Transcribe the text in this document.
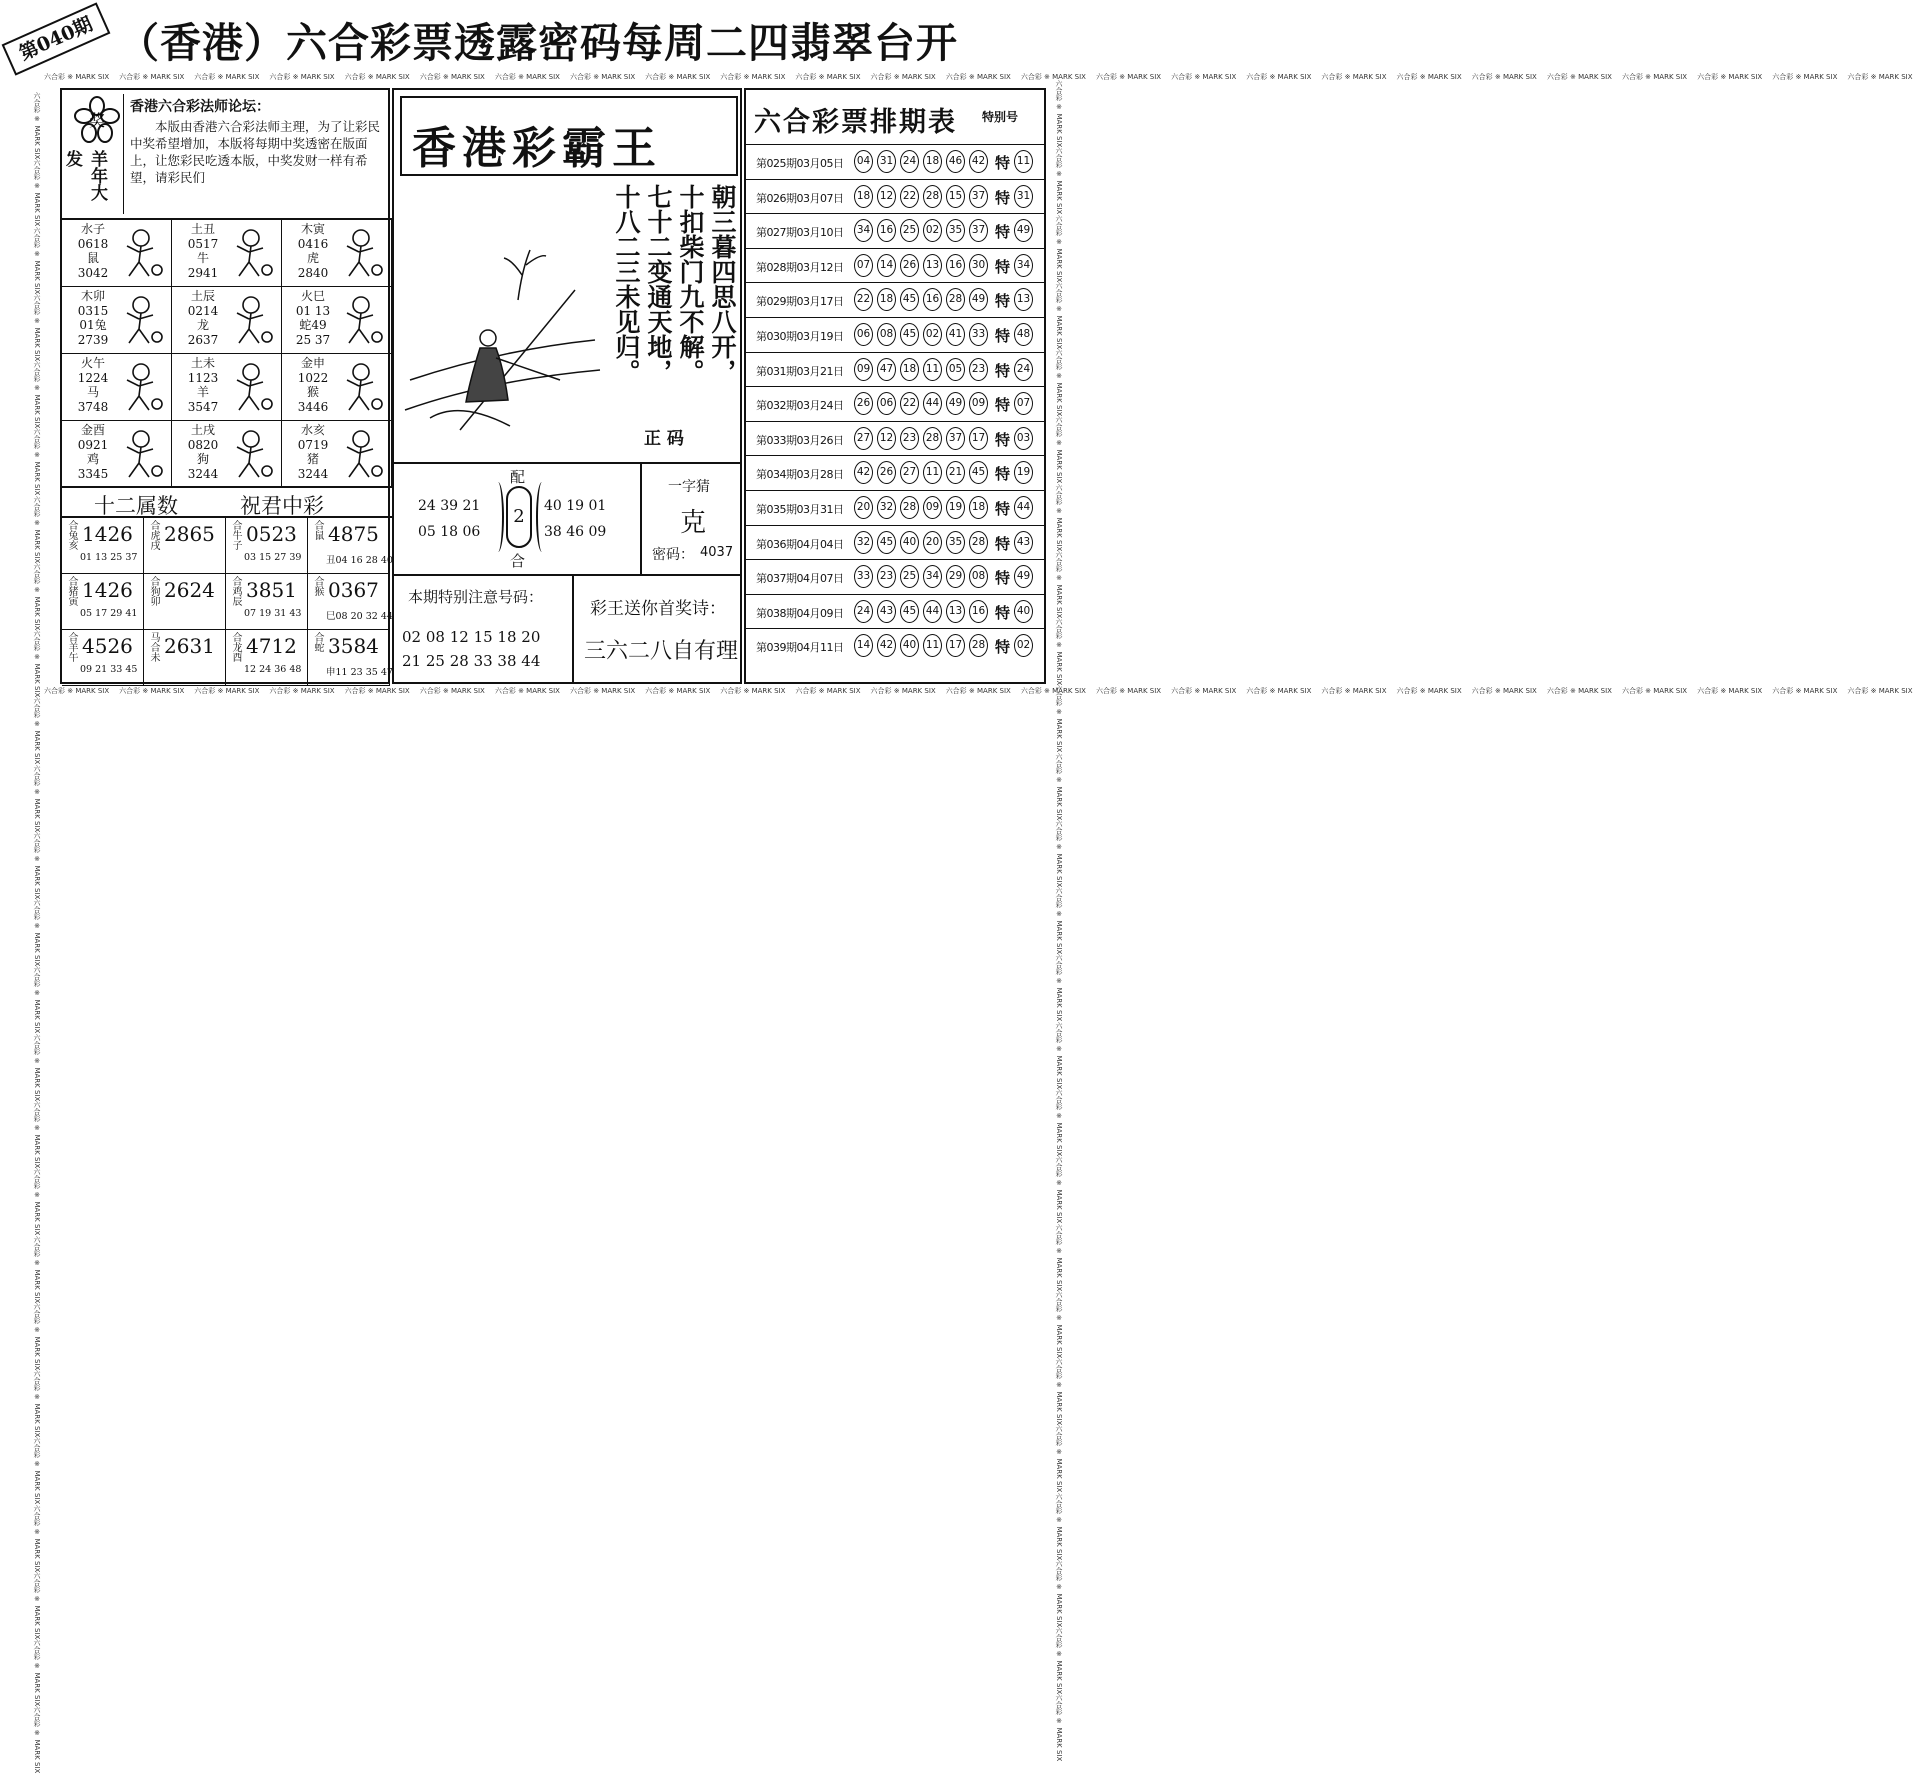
第040期 （香港）六合彩票透露密码每周二四翡翠台开
六合彩 ※ MARK SIX 六合彩 ※ MARK SIX 六合彩 ※ MARK SIX 六合彩 ※ MARK SIX 六合彩 ※ MARK SIX 六合彩 ※ MARK SIX 六合彩 ※ MARK SIX 六合彩 ※ MARK SIX 六合彩 ※ MARK SIX 六合彩 ※ MARK SIX 六合彩 ※ MARK SIX 六合彩 ※ MARK SIX 六合彩 ※ MARK SIX 六合彩 ※ MARK SIX 六合彩 ※ MARK SIX 六合彩 ※ MARK SIX 六合彩 ※ MARK SIX 六合彩 ※ MARK SIX 六合彩 ※ MARK SIX 六合彩 ※ MARK SIX 六合彩 ※ MARK SIX 六合彩 ※ MARK SIX 六合彩 ※ MARK SIX 六合彩 ※ MARK SIX 六合彩 ※ MARK SIX
六合彩 ※ MARK SIX 六合彩 ※ MARK SIX 六合彩 ※ MARK SIX 六合彩 ※ MARK SIX 六合彩 ※ MARK SIX 六合彩 ※ MARK SIX 六合彩 ※ MARK SIX 六合彩 ※ MARK SIX 六合彩 ※ MARK SIX 六合彩 ※ MARK SIX 六合彩 ※ MARK SIX 六合彩 ※ MARK SIX 六合彩 ※ MARK SIX 六合彩 ※ MARK SIX 六合彩 ※ MARK SIX 六合彩 ※ MARK SIX 六合彩 ※ MARK SIX 六合彩 ※ MARK SIX 六合彩 ※ MARK SIX 六合彩 ※ MARK SIX 六合彩 ※ MARK SIX 六合彩 ※ MARK SIX 六合彩 ※ MARK SIX 六合彩 ※ MARK SIX 六合彩 ※ MARK SIX
六合彩 ※ MARK SIX六合彩 ※ MARK SIX六合彩 ※ MARK SIX六合彩 ※ MARK SIX六合彩 ※ MARK SIX六合彩 ※ MARK SIX六合彩 ※ MARK SIX六合彩 ※ MARK SIX六合彩 ※ MARK SIX六合彩 ※ MARK SIX六合彩 ※ MARK SIX六合彩 ※ MARK SIX六合彩 ※ MARK SIX六合彩 ※ MARK SIX六合彩 ※ MARK SIX六合彩 ※ MARK SIX六合彩 ※ MARK SIX六合彩 ※ MARK SIX六合彩 ※ MARK SIX六合彩 ※ MARK SIX六合彩 ※ MARK SIX六合彩 ※ MARK SIX六合彩 ※ MARK SIX六合彩 ※ MARK SIX六合彩 ※ MARK SIX
六合彩 ※ MARK SIX六合彩 ※ MARK SIX六合彩 ※ MARK SIX六合彩 ※ MARK SIX六合彩 ※ MARK SIX六合彩 ※ MARK SIX六合彩 ※ MARK SIX六合彩 ※ MARK SIX六合彩 ※ MARK SIX六合彩 ※ MARK SIX六合彩 ※ MARK SIX六合彩 ※ MARK SIX六合彩 ※ MARK SIX六合彩 ※ MARK SIX六合彩 ※ MARK SIX六合彩 ※ MARK SIX六合彩 ※ MARK SIX六合彩 ※ MARK SIX六合彩 ※ MARK SIX六合彩 ※ MARK SIX六合彩 ※ MARK SIX六合彩 ※ MARK SIX六合彩 ※ MARK SIX六合彩 ※ MARK SIX六合彩 ※ MARK SIX
奖
羊年大发
香港六合彩法师论坛：
本版由香港六合彩法师主理，为了让彩民中奖希望增加，本版将每期中奖透密在版面上，让您彩民吃透本版，中奖发财一样有希望，请彩民们
水子
0618
鼠
3042
土丑
0517
牛
2941
木寅
0416
虎
2840
木卯
0315
01兔
2739
土辰
0214
龙
2637
火巳
01 13
蛇49
25 37
火午
1224
马
3748
土未
1123
羊
3547
金申
1022
猴
3446
金酉
0921
鸡
3345
土戌
0820
狗
3244
水亥
0719
猪
3244
十二属数	祝君中彩
合兔亥 1426
01 13 25 37
合虎戌 2865 合牛子 0523
03 15 27 39
合鼠 4875
丑04 16 28 40
合猪寅 1426
05 17 29 41
合狗卯 2624 合鸡辰 3851
07 19 31 43
合猴 0367
巳08 20 32 44
合羊午 4526
09 21 33 45
马合未 2631 合龙酉 4712
12 24 36 48
合蛇 3584
申11 23 35 47
香港彩霸王
朝三暮四思八开，
十扣柴门九不解。
七十二变通天地，
十八二三未见归。
正 码
配
2
合
24 39 21
05 18 06
40 19 01
38 46 09
一字猜
克
密码： 4037
本期特别注意号码：
02 08 12 15 18 20
21 25 28 33 38 44
彩王送你首奖诗：
三六二八自有理
六合彩票排期表 特别号
第025期03月05日 04 31 24 18 46 42 特 11
第026期03月07日 18 12 22 28 15 37 特 31
第027期03月10日 34 16 25 02 35 37 特 49
第028期03月12日 07 14 26 13 16 30 特 34
第029期03月17日 22 18 45 16 28 49 特 13
第030期03月19日 06 08 45 02 41 33 特 48
第031期03月21日 09 47 18 11 05 23 特 24
第032期03月24日 26 06 22 44 49 09 特 07
第033期03月26日 27 12 23 28 37 17 特 03
第034期03月28日 42 26 27 11 21 45 特 19
第035期03月31日 20 32 28 09 19 18 特 44
第036期04月04日 32 45 40 20 35 28 特 43
第037期04月07日 33 23 25 34 29 08 特 49
第038期04月09日 24 43 45 44 13 16 特 40
第039期04月11日 14 42 40 11 17 28 特 02
